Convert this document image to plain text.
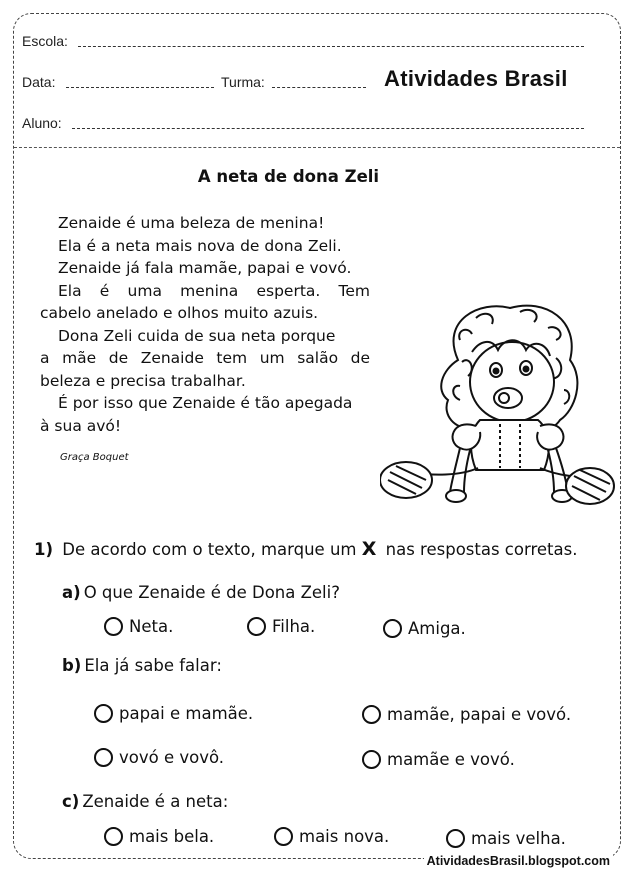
Escola:
Data:	Turma:	Atividades Brasil
Aluno:
A neta de dona Zeli

Zenaide é uma beleza de menina!

Ela é a neta mais nova de dona Zeli.

Zenaide já fala mamãe, papai e vovó.

Ela é uma menina esperta. Tem

cabelo anelado e olhos muito azuis.

Dona Zeli cuida de sua neta porque

a mãe de Zenaide tem um salão de

beleza e precisa trabalhar.

É por isso que Zenaide é tão apegada

à sua avó!

Graça Boquet
1) De acordo com o texto, marque um X nas respostas corretas.
a) O que Zenaide é de Dona Zeli?
Neta.	Filha.	Amiga.
b) Ela já sabe falar:
papai e mamãe.	mamãe, papai e vovó.
vovó e vovô.	mamãe e vovó.
c) Zenaide é a neta:
mais bela.	mais nova.	mais velha.
AtividadesBrasil.blogspot.com
